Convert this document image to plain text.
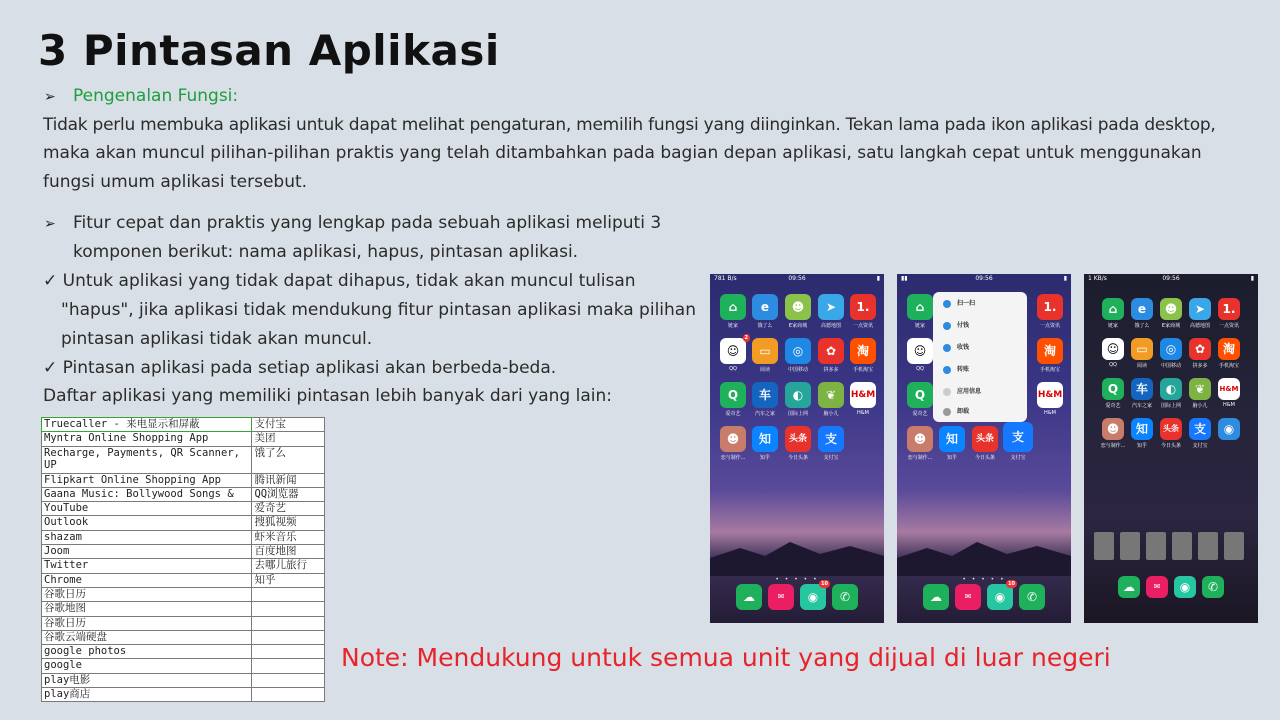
3 Pintasan Aplikasi
➢ Pengenalan Fungsi:
Tidak perlu membuka aplikasi untuk dapat melihat pengaturan, memilih fungsi yang diinginkan. Tekan lama pada ikon aplikasi pada desktop,
maka akan muncul pilihan-pilihan praktis yang telah ditambahkan pada bagian depan aplikasi, satu langkah cepat untuk menggunakan
fungsi umum aplikasi tersebut.
➢ Fitur cepat dan praktis yang lengkap pada sebuah aplikasi meliputi 3
komponen berikut: nama aplikasi, hapus, pintasan aplikasi.
✓ Untuk aplikasi yang tidak dapat dihapus, tidak akan muncul tulisan
"hapus", jika aplikasi tidak mendukung fitur pintasan aplikasi maka pilihan
pintasan aplikasi tidak akan muncul.
✓ Pintasan aplikasi pada setiap aplikasi akan berbeda-beda.
Daftar aplikasi yang memiliki pintasan lebih banyak dari yang lain:
Truecaller - 来电显示和屏蔽	支付宝
Myntra Online Shopping App	美团
Recharge, Payments, QR Scanner, UP	饿了么
Flipkart Online Shopping App	腾讯新闻
Gaana Music: Bollywood Songs &	QQ浏览器
YouTube	爱奇艺
Outlook	搜狐视频
shazam	虾米音乐
Joom	百度地图
Twitter	去哪儿旅行
Chrome	知乎
谷歌日历	
谷歌地图	
谷歌日历	
谷歌云端硬盘	
google photos	
google	
play电影	
play商店	
Note: Mendukung untuk semua unit yang dijual di luar negeri
781 B/s	09:56	▮
⌂
链家
e
饿了么
☻
E家商城
➤
高德地图
1.
一点资讯
☺
2
QQ
▭
阅读
◎
中国移动
✿
拼多多
淘
手机淘宝
Q
爱奇艺
车
汽车之家
◐
国际上网
❦
脑小儿
H&M
H&M
☻
恋与制作...
知
知乎
头条
今日头条
支
支付宝
• • • • •
☁	✉	◉
10
✆
▮▮	09:56	▮
⌂
链家
1.
一点资讯
☺
QQ
淘
手机淘宝
Q
爱奇艺
H&M
H&M
扫一扫
付钱
收钱
转账
应用信息
卸载
☻
恋与制作...
知
知乎
头条
今日头条
支
支付宝
• • • • •
☁	✉	◉
10
✆
1 KB/s	09:56	▮
⌂
链家
e
饿了么
☻
E家商城
➤
高德地图
1.
一点资讯
☺
QQ
▭
阅读
◎
中国移动
✿
拼多多
淘
手机淘宝
Q
爱奇艺
车
汽车之家
◐
国际上网
❦
脑小儿
H&M
H&M
☻
恋与制作...
知
知乎
头条
今日头条
支
支付宝
◉
☁	✉	◉	✆
